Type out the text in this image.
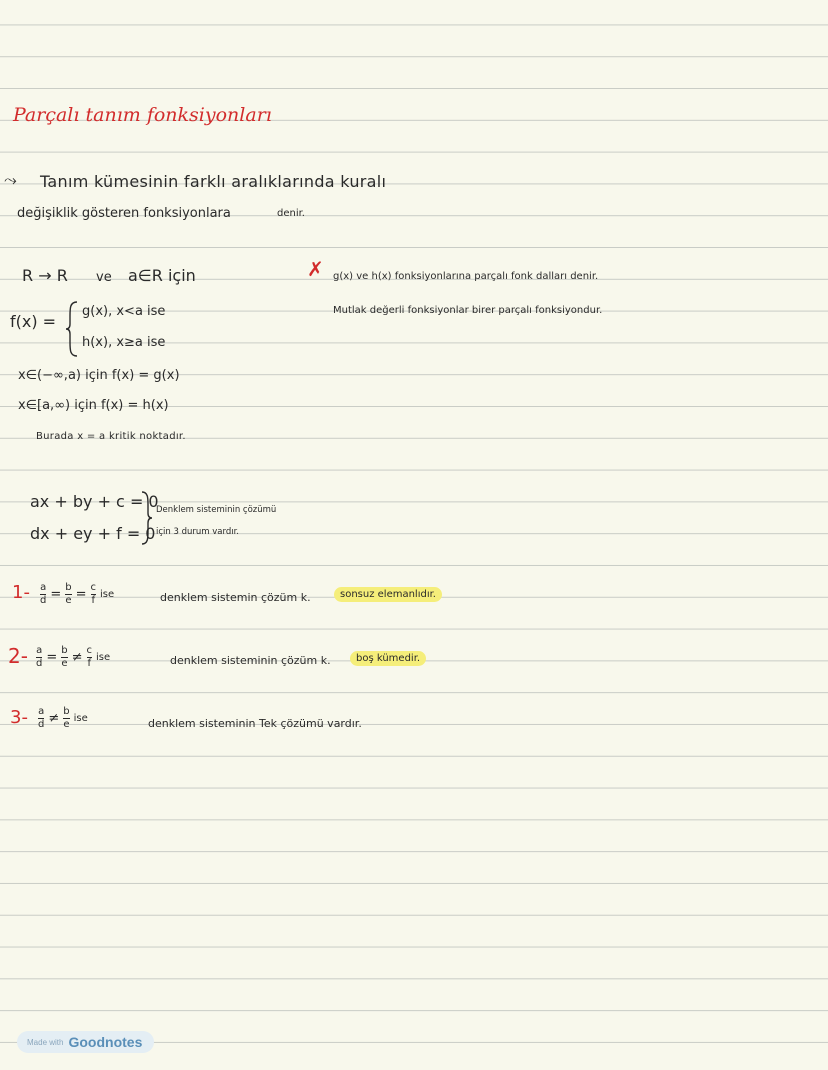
Parçalı tanım fonksiyonları
⤳ Tanım kümesinin farklı aralıklarında kuralı
değişiklik gösteren fonksiyonlara	denir.
R → R ve a∈R için
f(x) =
g(x), x<a ise
h(x), x≥a ise
x∈(−∞,a) için f(x) = g(x)
x∈[a,∞) için f(x) = h(x)
Burada x = a kritik noktadır.
✗ g(x) ve h(x) fonksiyonlarına parçalı fonk dalları denir.
Mutlak değerli fonksiyonlar birer parçalı fonksiyondur.
ax + by + c = 0
dx + ey + f = 0
Denklem sisteminin çözümü
için 3 durum vardır.
$1- \frac{a}{d} = \frac{b}{e} = \frac{c}{f}$ ise	denklem sistemin çözüm k.	sonsuz elemanlıdır.
$2- \frac{a}{d} = \frac{b}{e} \ne \frac{c}{f}$ ise	denklem sisteminin çözüm k.	boş kümedir.
$3- \frac{a}{d} \ne \frac{b}{e}$ ise	denklem sisteminin Tek çözümü vardır.
Made with Goodnotes
